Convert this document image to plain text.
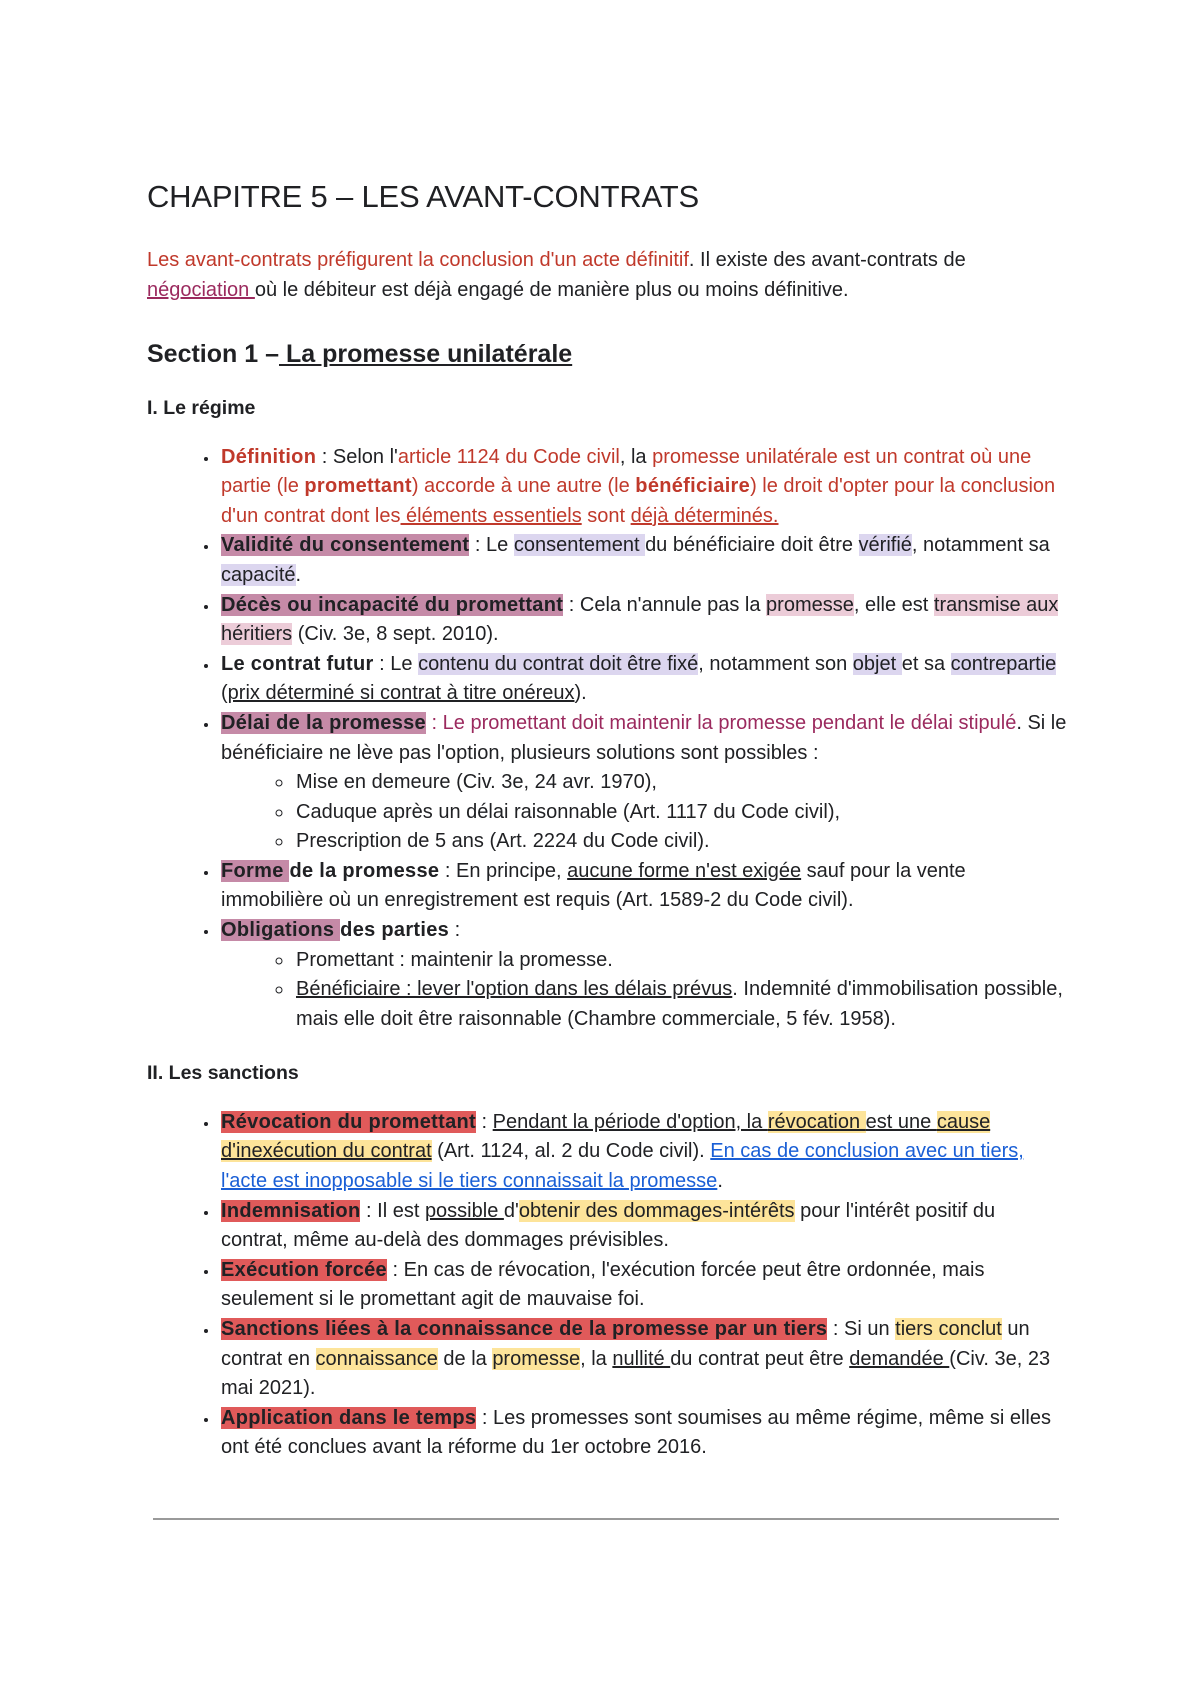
CHAPITRE 5 – LES AVANT-CONTRATS

Les avant-contrats préfigurent la conclusion d'un acte définitif. Il existe des avant-contrats de négociation où le débiteur est déjà engagé de manière plus ou moins définitive.

Section 1 – La promesse unilatérale
I. Le régime
• Définition : Selon l'article 1124 du Code civil, la promesse unilatérale est un contrat où une partie (le promettant) accorde à une autre (le bénéficiaire) le droit d'opter pour la conclusion d'un contrat dont les éléments essentiels sont déjà déterminés.
• Validité du consentement : Le consentement du bénéficiaire doit être vérifié, notamment sa capacité.
• Décès ou incapacité du promettant : Cela n'annule pas la promesse, elle est transmise aux héritiers (Civ. 3e, 8 sept. 2010).
• Le contrat futur : Le contenu du contrat doit être fixé, notamment son objet et sa contrepartie (prix déterminé si contrat à titre onéreux).
• Délai de la promesse : Le promettant doit maintenir la promesse pendant le délai stipulé. Si le bénéficiaire ne lève pas l'option, plusieurs solutions sont possibles :
◦ Mise en demeure (Civ. 3e, 24 avr. 1970),
◦ Caduque après un délai raisonnable (Art. 1117 du Code civil),
◦ Prescription de 5 ans (Art. 2224 du Code civil).
• Forme de la promesse : En principe, aucune forme n'est exigée sauf pour la vente immobilière où un enregistrement est requis (Art. 1589-2 du Code civil).
• Obligations des parties :
◦ Promettant : maintenir la promesse.
◦ Bénéficiaire : lever l'option dans les délais prévus. Indemnité d'immobilisation possible, mais elle doit être raisonnable (Chambre commerciale, 5 fév. 1958).
II. Les sanctions
• Révocation du promettant : Pendant la période d'option, la révocation est une cause d'inexécution du contrat (Art. 1124, al. 2 du Code civil). En cas de conclusion avec un tiers, l'acte est inopposable si le tiers connaissait la promesse.
• Indemnisation : Il est possible d'obtenir des dommages-intérêts pour l'intérêt positif du contrat, même au-delà des dommages prévisibles.
• Exécution forcée : En cas de révocation, l'exécution forcée peut être ordonnée, mais seulement si le promettant agit de mauvaise foi.
• Sanctions liées à la connaissance de la promesse par un tiers : Si un tiers conclut un contrat en connaissance de la promesse, la nullité du contrat peut être demandée (Civ. 3e, 23 mai 2021).
• Application dans le temps : Les promesses sont soumises au même régime, même si elles ont été conclues avant la réforme du 1er octobre 2016.
